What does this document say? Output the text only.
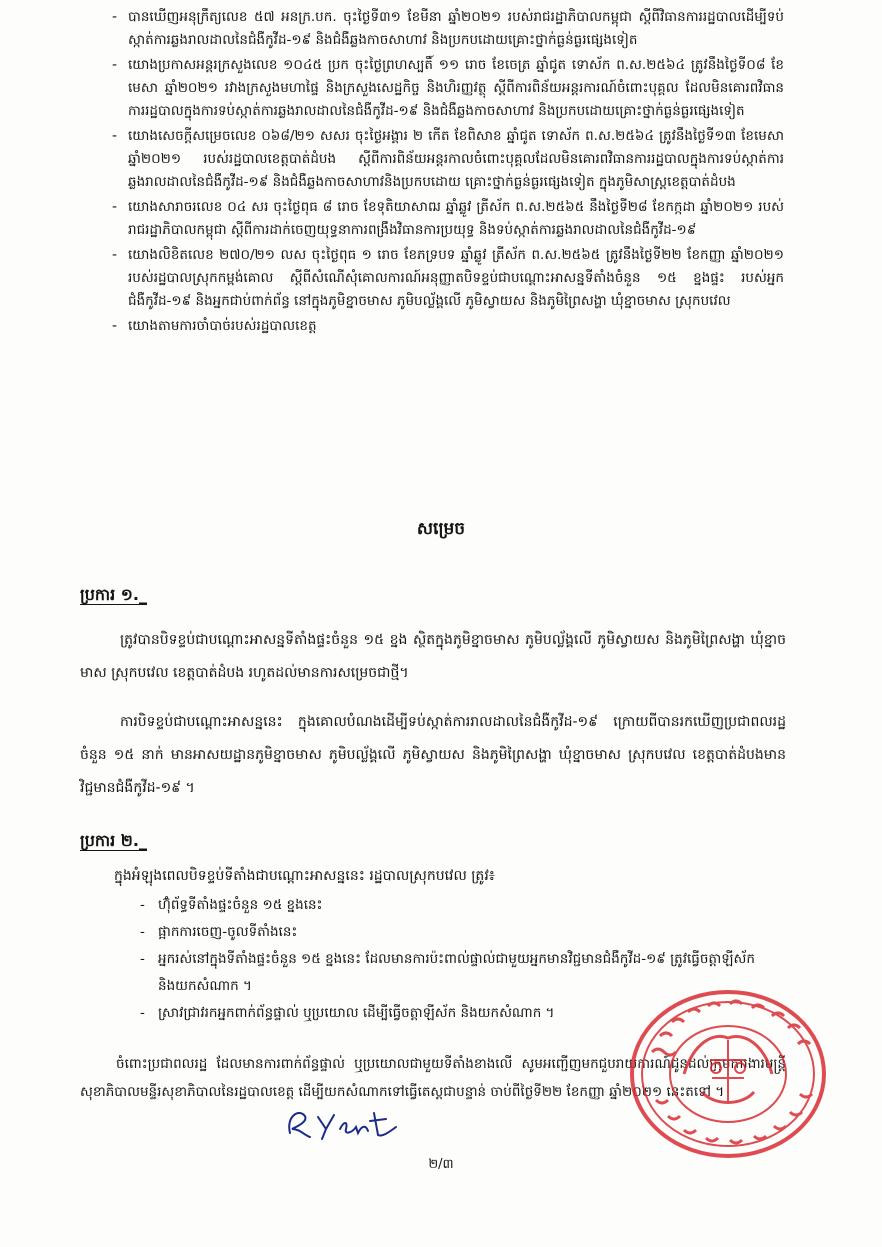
- បានឃើញអនុក្រឹត្យលេខ ៥៧ អនក្រ.បក. ចុះថ្ងៃទី៣១ ខែមីនា ឆ្នាំ២០២១ របស់រាជរដ្ឋាភិបាលកម្ពុជា ស្តីពីវិធានការរដ្ឋបាលដើម្បីទប់ស្កាត់ការឆ្លងរាលដាលនៃជំងឺកូវីដ-១៩ និងជំងឺឆ្លងកាចសាហាវ និងប្រកបដោយគ្រោះថ្នាក់ធ្ងន់ធ្ងរផ្សេងទៀត
- យោងប្រកាសអន្តរក្រសួងលេខ ១០៤៥ ប្រក ចុះថ្ងៃព្រហស្បតិ៍ ១១ រោច ខែចេត្រ ឆ្នាំជូត ទោស័ក ព.ស.២៥៦៤ ត្រូវនឹងថ្ងៃទី០៨ ខែមេសា ឆ្នាំ២០២១ រវាងក្រសួងមហាផ្ទៃ និងក្រសួងសេដ្ឋកិច្ច និងហិរញ្ញវត្ថុ ស្តីពីការពិន័យអន្តរការណ៍ចំពោះបុគ្គល ដែលមិនគោរពវិធានការរដ្ឋបាលក្នុងការទប់ស្កាត់ការឆ្លងរាលដាលនៃជំងឺកូវីដ-១៩ និងជំងឺឆ្លងកាចសាហាវ និងប្រកបដោយគ្រោះថ្នាក់ធ្ងន់ធ្ងរផ្សេងទៀត
- យោងសេចក្តីសម្រេចលេខ ០៦៨/២១ សសរ ចុះថ្ងៃអង្គារ ២ កើត ខែពិសាខ ឆ្នាំជូត ទោស័ក ព.ស.២៥៦៤ ត្រូវនឹងថ្ងៃទី១៣ ខែមេសា ឆ្នាំ២០២១ របស់រដ្ឋបាលខេត្តបាត់ដំបង ស្តីពីការពិន័យអន្តរកាលចំពោះបុគ្គលដែលមិនគោរពវិធានការរដ្ឋបាលក្នុងការទប់ស្កាត់ការឆ្លងរាលដាលនៃជំងឺកូវីដ-១៩ និងជំងឺឆ្លងកាចសាហាវនិងប្រកបដោយ គ្រោះថ្នាក់ធ្ងន់ធ្ងរផ្សេងទៀត ក្នុងភូមិសាស្ត្រខេត្តបាត់ដំបង
- យោងសារាចរលេខ ០៤ សរ ចុះថ្ងៃពុធ ៨ រោច ខែទុតិយាសាឍ ឆ្នាំឆ្លូវ ត្រីស័ក ព.ស.២៥៦៥ នឹងថ្ងៃទី២៨ ខែកក្កដា ឆ្នាំ២០២១ របស់រាជរដ្ឋាភិបាលកម្ពុជា ស្តីពីការដាក់ចេញយុទ្ធនាការពង្រឹងវិធានការប្រយុទ្ធ និងទប់ស្កាត់ការឆ្លងរាលដាលនៃជំងឺកូវីដ-១៩
- យោងលិខិតលេខ ២៧០/២១ លស ចុះថ្ងៃពុធ ១ រោច ខែភទ្របទ ឆ្នាំឆ្លូវ ត្រីស័ក ព.ស.២៥៦៥ ត្រូវនឹងថ្ងៃទី២២ ខែកញ្ញា ឆ្នាំ២០២១ របស់រដ្ឋបាលស្រុកកម្ពង់គោល ស្តីពីសំណើសុំគោលការណ៍អនុញ្ញាតបិទខ្ទប់ជាបណ្តោះអាសន្នទីតាំងចំនួន ១៥ ខ្នងផ្ទះ របស់អ្នកជំងឺកូវីដ-១៩ និងអ្នកជាប់ពាក់ព័ន្ធ នៅក្នុងភូមិខ្នាចមាស ភូមិបល្ល័ង្គលើ ភូមិស្វាយស និងភូមិព្រៃសង្ហា ឃុំខ្នាចមាស ស្រុកបវេល
- យោងតាមការចាំបាច់របស់រដ្ឋបាលខេត្ត
សម្រេច
ប្រការ ១._
ត្រូវបានបិទខ្ទប់ជាបណ្តោះអាសន្នទីតាំងផ្ទះចំនួន ១៥ ខ្នង ស្ថិតក្នុងភូមិខ្នាចមាស ភូមិបល្ល័ង្គលើ ភូមិស្វាយស និងភូមិព្រៃសង្ហា ឃុំខ្នាចមាស ស្រុកបវេល ខេត្តបាត់ដំបង រហូតដល់មានការសម្រេចជាថ្មី។
ការបិទខ្ទប់ជាបណ្តោះអាសន្ននេះ ក្នុងគោលបំណងដើម្បីទប់ស្កាត់ការរាលដាលនៃជំងឺកូវីដ-១៩ ក្រោយពីបានរកឃើញប្រជាពលរដ្ឋ ចំនួន ១៥ នាក់ មានអាសយដ្ឋានភូមិខ្នាចមាស ភូមិបល្ល័ង្គលើ ភូមិស្វាយស និងភូមិព្រៃសង្ហា ឃុំខ្នាចមាស ស្រុកបវេល ខេត្តបាត់ដំបងមានវិជ្ជមានជំងឺកូវីដ-១៩ ។
ប្រការ ២._
ក្នុងអំឡុងពេលបិទខ្ទប់ទីតាំងជាបណ្តោះអាសន្ននេះ រដ្ឋបាលស្រុកបវេល ត្រូវ៖
- ហ៊ុំព័ទ្ធទីតាំងផ្ទះចំនួន ១៥ ខ្នងនេះ
- ផ្អាកការចេញ-ចូលទីតាំងនេះ
- អ្នករស់នៅក្នុងទីតាំងផ្ទះចំនួន ១៥ ខ្នងនេះ ដែលមានការប៉ះពាល់ផ្ទាល់ជាមួយអ្នកមានវិជ្ជមានជំងឺកូវីដ-១៩ ត្រូវធ្វើចត្តាឡីស័ក និងយកសំណាក ។
- ស្រាវជ្រាវរកអ្នកពាក់ព័ន្ធផ្ទាល់ ឬប្រយោល ដើម្បីធ្វើចត្តាឡីស័ក និងយកសំណាក ។
ចំពោះប្រជាពលរដ្ឋ ដែលមានការពាក់ព័ន្ធផ្ទាល់ ឬប្រយោលជាមួយទីតាំងខាងលើ សូមអញ្ជើញមកជួបរាយការណ៍ជូនដល់ក្រុមការងារមន្ត្រីសុខាភិបាលមន្ទីរសុខាភិបាលនៃរដ្ឋបាលខេត្ត ដើម្បីយកសំណាកទៅធ្វើតេស្តជាបន្ទាន់ ចាប់ពីថ្ងៃទី២២ ខែកញ្ញា ឆ្នាំ២០២១ នេះតទៅ ។
២/៣
